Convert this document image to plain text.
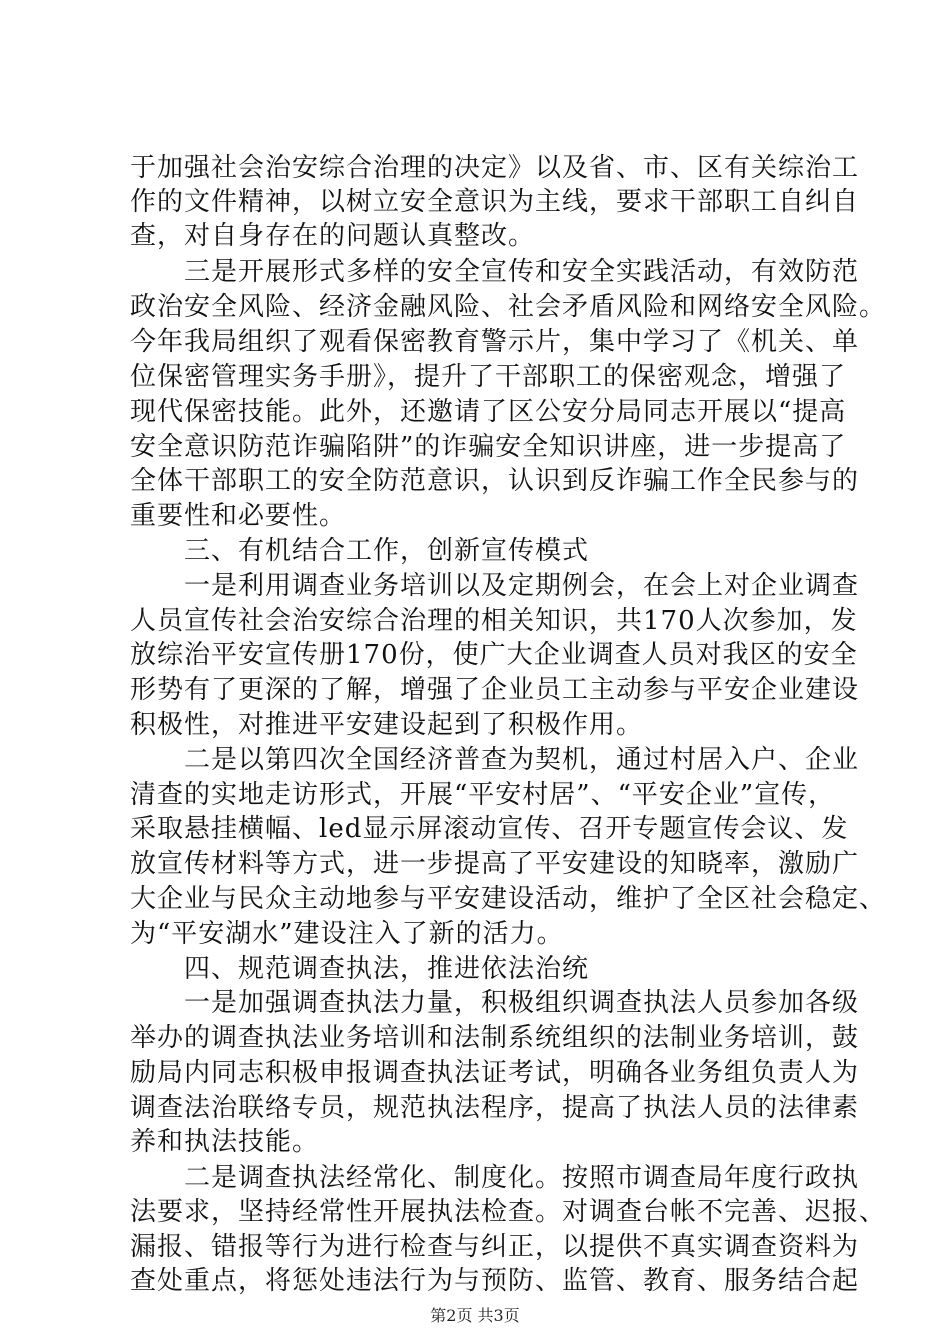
于加强社会治安综合治理的决定》以及省、市、区有关综治工
作的文件精神，以树立安全意识为主线，要求干部职工自纠自
查，对自身存在的问题认真整改。
　　三是开展形式多样的安全宣传和安全实践活动，有效防范
政治安全风险、经济金融风险、社会矛盾风险和网络安全风险。
今年我局组织了观看保密教育警示片，集中学习了《机关、单
位保密管理实务手册》，提升了干部职工的保密观念，增强了
现代保密技能。此外，还邀请了区公安分局同志开展以“提高
安全意识防范诈骗陷阱”的诈骗安全知识讲座，进一步提高了
全体干部职工的安全防范意识，认识到反诈骗工作全民参与的
重要性和必要性。
　　三、有机结合工作，创新宣传模式
　　一是利用调查业务培训以及定期例会，在会上对企业调查
人员宣传社会治安综合治理的相关知识，共170人次参加，发
放综治平安宣传册170份，使广大企业调查人员对我区的安全
形势有了更深的了解，增强了企业员工主动参与平安企业建设
积极性，对推进平安建设起到了积极作用。
　　二是以第四次全国经济普查为契机，通过村居入户、企业
清查的实地走访形式，开展“平安村居”、“平安企业”宣传，
采取悬挂横幅、led显示屏滚动宣传、召开专题宣传会议、发
放宣传材料等方式，进一步提高了平安建设的知晓率，激励广
大企业与民众主动地参与平安建设活动，维护了全区社会稳定、
为“平安湖水”建设注入了新的活力。
　　四、规范调查执法，推进依法治统
　　一是加强调查执法力量，积极组织调查执法人员参加各级
举办的调查执法业务培训和法制系统组织的法制业务培训，鼓
励局内同志积极申报调查执法证考试，明确各业务组负责人为
调查法治联络专员，规范执法程序，提高了执法人员的法律素
养和执法技能。
　　二是调查执法经常化、制度化。按照市调查局年度行政执
法要求，坚持经常性开展执法检查。对调查台帐不完善、迟报、
漏报、错报等行为进行检查与纠正，以提供不真实调查资料为
查处重点，将惩处违法行为与预防、监管、教育、服务结合起
第2页 共3页
